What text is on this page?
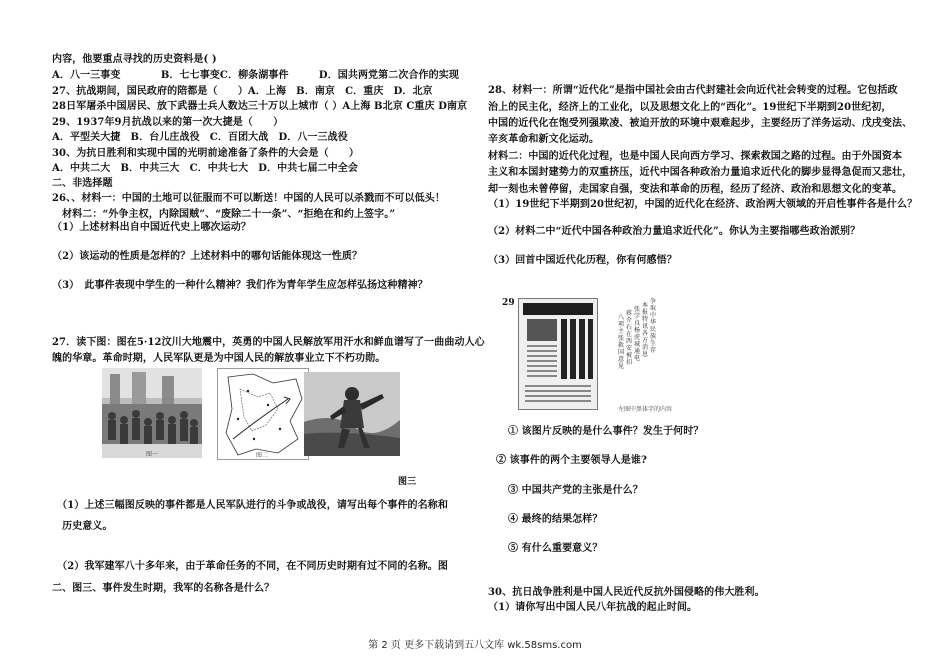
内容，他要重点寻找的历史资料是( )
A．八一三事变　　　　B．七七事变C．柳条湖事件　　　D．国共两党第二次合作的实现
27、抗战期间，国民政府的陪都是（　　）A．上海　B．南京　C．重庆　D．北京
28日军屠杀中国居民、放下武器士兵人数达三十万以上城市（ ）A上海 B北京 C重庆 D南京
29、1937年9月抗战以来的第一次大捷是（　　）
A．平型关大捷　B．台儿庄战役　C．百团大战　D．八一三战役
30、为抗日胜利和实现中国的光明前途准备了条件的大会是（　　）
A．中共二大　B．中共三大　C．中共七大　D．中共七届二中全会
二、非选择题
26、、材料一：中国的土地可以征服而不可以断送！中国的人民可以杀戮而不可以低头！
　材料二：“外争主权，内除国贼”、“废除二十一条”、“拒绝在和约上签字。”
（1）上述材料出自中国近代史上哪次运动？
（2）该运动的性质是怎样的？上述材料中的哪句话能体现这一性质？
（3）　此事件表现中学生的一种什么精神？我们作为青年学生应怎样弘扬这种精神？
27．读下图：图在5·12汶川大地震中，英勇的中国人民解放军用汗水和鲜血谱写了一曲曲动人心
魄的华章。革命时期，人民军队更是为中国人民的解放事业立下不朽功勋。
图一	图二
图三
　（1）上述三幅图反映的事件都是人民军队进行的斗争或战役，请写出每个事件的名称和
　历史意义。
　（2）我军建军八十多年来，由于革命任务的不同，在不同历史时期有过不同的名称。图
二、图三、事件发生时期，我军的名称各是什么？
28、材料一：所谓“近代化”是指中国社会由古代封建社会向近代社会转变的过程。它包括政
治上的民主化，经济上的工业化，以及思想文化上的“西化”。19世纪下半期到20世纪初，
中国的近代化在饱受列强欺凌、被迫开放的环境中艰难起步，主要经历了洋务运动、戊戌变法、
辛亥革命和新文化运动。
材料二：中国的近代化过程，也是中国人民向西方学习、探索救国之路的过程。由于外国资本
主义和本国封建势力的双重挤压，近代中国各种政治力量追求近代化的脚步显得急促而又悲壮，
却一刻也未曾停留，走国家自强，变法和革命的历程，经历了经济、政治和思想文化的变革。
（1）19世纪下半期到20世纪初，中国的近代化在经济、政治两大领域的开启性事件各是什么？
（2）材料二中“近代中国各种政治力量追求近代化”。你认为主要指哪些政治派别？
（3）回首中国近代化历程，你有何感悟？
29	争取中华民族生存
本报特讯各方消息
张学良杨虎城通电
蒋介石在西安被扣
八项主张救国意见
左图中黑体字的内容
① 该图片反映的是什么事件？发生于何时？
② 该事件的两个主要领导人是谁?
③ 中国共产党的主张是什么？
④ 最终的结果怎样？
⑤ 有什么重要意义？
30、抗日战争胜利是中国人民近代反抗外国侵略的伟大胜利。
（1）请你写出中国人民八年抗战的起止时间。
第 2 页 更多下载请到五八文库 wk.58sms.com
